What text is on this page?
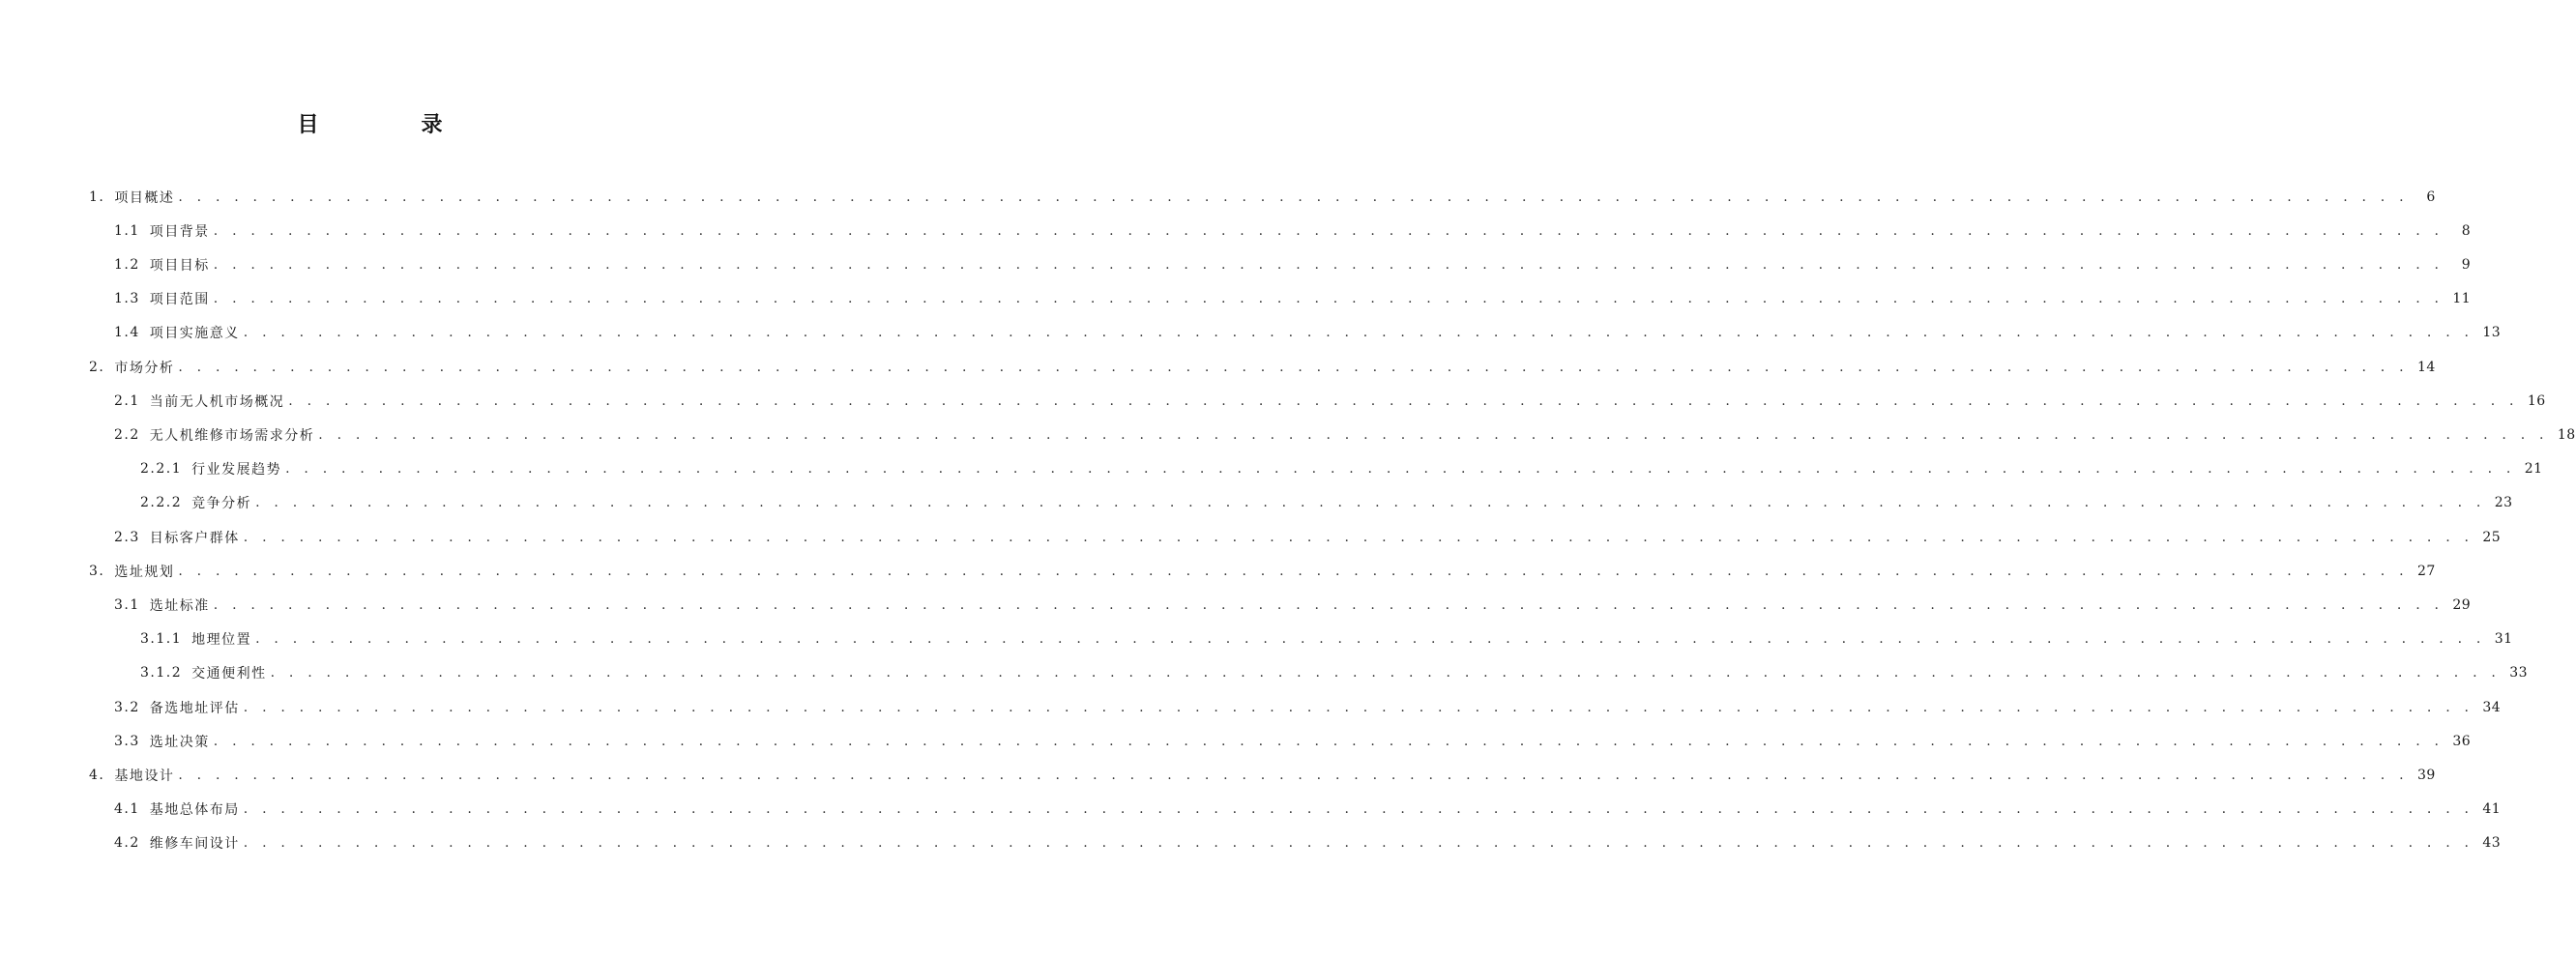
目　录
1. 项目概述 . . . . . . . . . . . . . . . . . . . . . . . . . . . . . . . . . . . . . . . . . . . . . . . . . . . . . . . . . . . . . . . . . . . . . . . . . . . . . . . . . . . . . . . . . . . . . . . . . . . . . . . . . . . . . . . . . . . . . . . .	6
1.1 项目背景 . . . . . . . . . . . . . . . . . . . . . . . . . . . . . . . . . . . . . . . . . . . . . . . . . . . . . . . . . . . . . . . . . . . . . . . . . . . . . . . . . . . . . . . . . . . . . . . . . . . . . . . . . . . . . . . . . . . . . . . .	8
1.2 项目目标 . . . . . . . . . . . . . . . . . . . . . . . . . . . . . . . . . . . . . . . . . . . . . . . . . . . . . . . . . . . . . . . . . . . . . . . . . . . . . . . . . . . . . . . . . . . . . . . . . . . . . . . . . . . . . . . . . . . . . . . .	9
1.3 项目范围 . . . . . . . . . . . . . . . . . . . . . . . . . . . . . . . . . . . . . . . . . . . . . . . . . . . . . . . . . . . . . . . . . . . . . . . . . . . . . . . . . . . . . . . . . . . . . . . . . . . . . . . . . . . . . . . . . . . . . . . . 11
1.4 项目实施意义 . . . . . . . . . . . . . . . . . . . . . . . . . . . . . . . . . . . . . . . . . . . . . . . . . . . . . . . . . . . . . . . . . . . . . . . . . . . . . . . . . . . . . . . . . . . . . . . . . . . . . . . . . . . . . . . . . . . . . . . . 13
2. 市场分析 . . . . . . . . . . . . . . . . . . . . . . . . . . . . . . . . . . . . . . . . . . . . . . . . . . . . . . . . . . . . . . . . . . . . . . . . . . . . . . . . . . . . . . . . . . . . . . . . . . . . . . . . . . . . . . . . . . . . . . . . 14
2.1 当前无人机市场概况 . . . . . . . . . . . . . . . . . . . . . . . . . . . . . . . . . . . . . . . . . . . . . . . . . . . . . . . . . . . . . . . . . . . . . . . . . . . . . . . . . . . . . . . . . . . . . . . . . . . . . . . . . . . . . . . . . . . . . . . . 16
2.2 无人机维修市场需求分析 . . . . . . . . . . . . . . . . . . . . . . . . . . . . . . . . . . . . . . . . . . . . . . . . . . . . . . . . . . . . . . . . . . . . . . . . . . . . . . . . . . . . . . . . . . . . . . . . . . . . . . . . . . . . . . . . . . . . . . . . 18
2.2.1 行业发展趋势 . . . . . . . . . . . . . . . . . . . . . . . . . . . . . . . . . . . . . . . . . . . . . . . . . . . . . . . . . . . . . . . . . . . . . . . . . . . . . . . . . . . . . . . . . . . . . . . . . . . . . . . . . . . . . . . . . . . . . . . . 21
2.2.2 竞争分析 . . . . . . . . . . . . . . . . . . . . . . . . . . . . . . . . . . . . . . . . . . . . . . . . . . . . . . . . . . . . . . . . . . . . . . . . . . . . . . . . . . . . . . . . . . . . . . . . . . . . . . . . . . . . . . . . . . . . . . . . 23
2.3 目标客户群体 . . . . . . . . . . . . . . . . . . . . . . . . . . . . . . . . . . . . . . . . . . . . . . . . . . . . . . . . . . . . . . . . . . . . . . . . . . . . . . . . . . . . . . . . . . . . . . . . . . . . . . . . . . . . . . . . . . . . . . . . 25
3. 选址规划 . . . . . . . . . . . . . . . . . . . . . . . . . . . . . . . . . . . . . . . . . . . . . . . . . . . . . . . . . . . . . . . . . . . . . . . . . . . . . . . . . . . . . . . . . . . . . . . . . . . . . . . . . . . . . . . . . . . . . . . . 27
3.1 选址标准 . . . . . . . . . . . . . . . . . . . . . . . . . . . . . . . . . . . . . . . . . . . . . . . . . . . . . . . . . . . . . . . . . . . . . . . . . . . . . . . . . . . . . . . . . . . . . . . . . . . . . . . . . . . . . . . . . . . . . . . . 29
3.1.1 地理位置 . . . . . . . . . . . . . . . . . . . . . . . . . . . . . . . . . . . . . . . . . . . . . . . . . . . . . . . . . . . . . . . . . . . . . . . . . . . . . . . . . . . . . . . . . . . . . . . . . . . . . . . . . . . . . . . . . . . . . . . . 31
3.1.2 交通便利性 . . . . . . . . . . . . . . . . . . . . . . . . . . . . . . . . . . . . . . . . . . . . . . . . . . . . . . . . . . . . . . . . . . . . . . . . . . . . . . . . . . . . . . . . . . . . . . . . . . . . . . . . . . . . . . . . . . . . . . . . 33
3.2 备选地址评估 . . . . . . . . . . . . . . . . . . . . . . . . . . . . . . . . . . . . . . . . . . . . . . . . . . . . . . . . . . . . . . . . . . . . . . . . . . . . . . . . . . . . . . . . . . . . . . . . . . . . . . . . . . . . . . . . . . . . . . . . 34
3.3 选址决策 . . . . . . . . . . . . . . . . . . . . . . . . . . . . . . . . . . . . . . . . . . . . . . . . . . . . . . . . . . . . . . . . . . . . . . . . . . . . . . . . . . . . . . . . . . . . . . . . . . . . . . . . . . . . . . . . . . . . . . . . 36
4. 基地设计 . . . . . . . . . . . . . . . . . . . . . . . . . . . . . . . . . . . . . . . . . . . . . . . . . . . . . . . . . . . . . . . . . . . . . . . . . . . . . . . . . . . . . . . . . . . . . . . . . . . . . . . . . . . . . . . . . . . . . . . . 39
4.1 基地总体布局 . . . . . . . . . . . . . . . . . . . . . . . . . . . . . . . . . . . . . . . . . . . . . . . . . . . . . . . . . . . . . . . . . . . . . . . . . . . . . . . . . . . . . . . . . . . . . . . . . . . . . . . . . . . . . . . . . . . . . . . . 41
4.2 维修车间设计 . . . . . . . . . . . . . . . . . . . . . . . . . . . . . . . . . . . . . . . . . . . . . . . . . . . . . . . . . . . . . . . . . . . . . . . . . . . . . . . . . . . . . . . . . . . . . . . . . . . . . . . . . . . . . . . . . . . . . . . . 43
